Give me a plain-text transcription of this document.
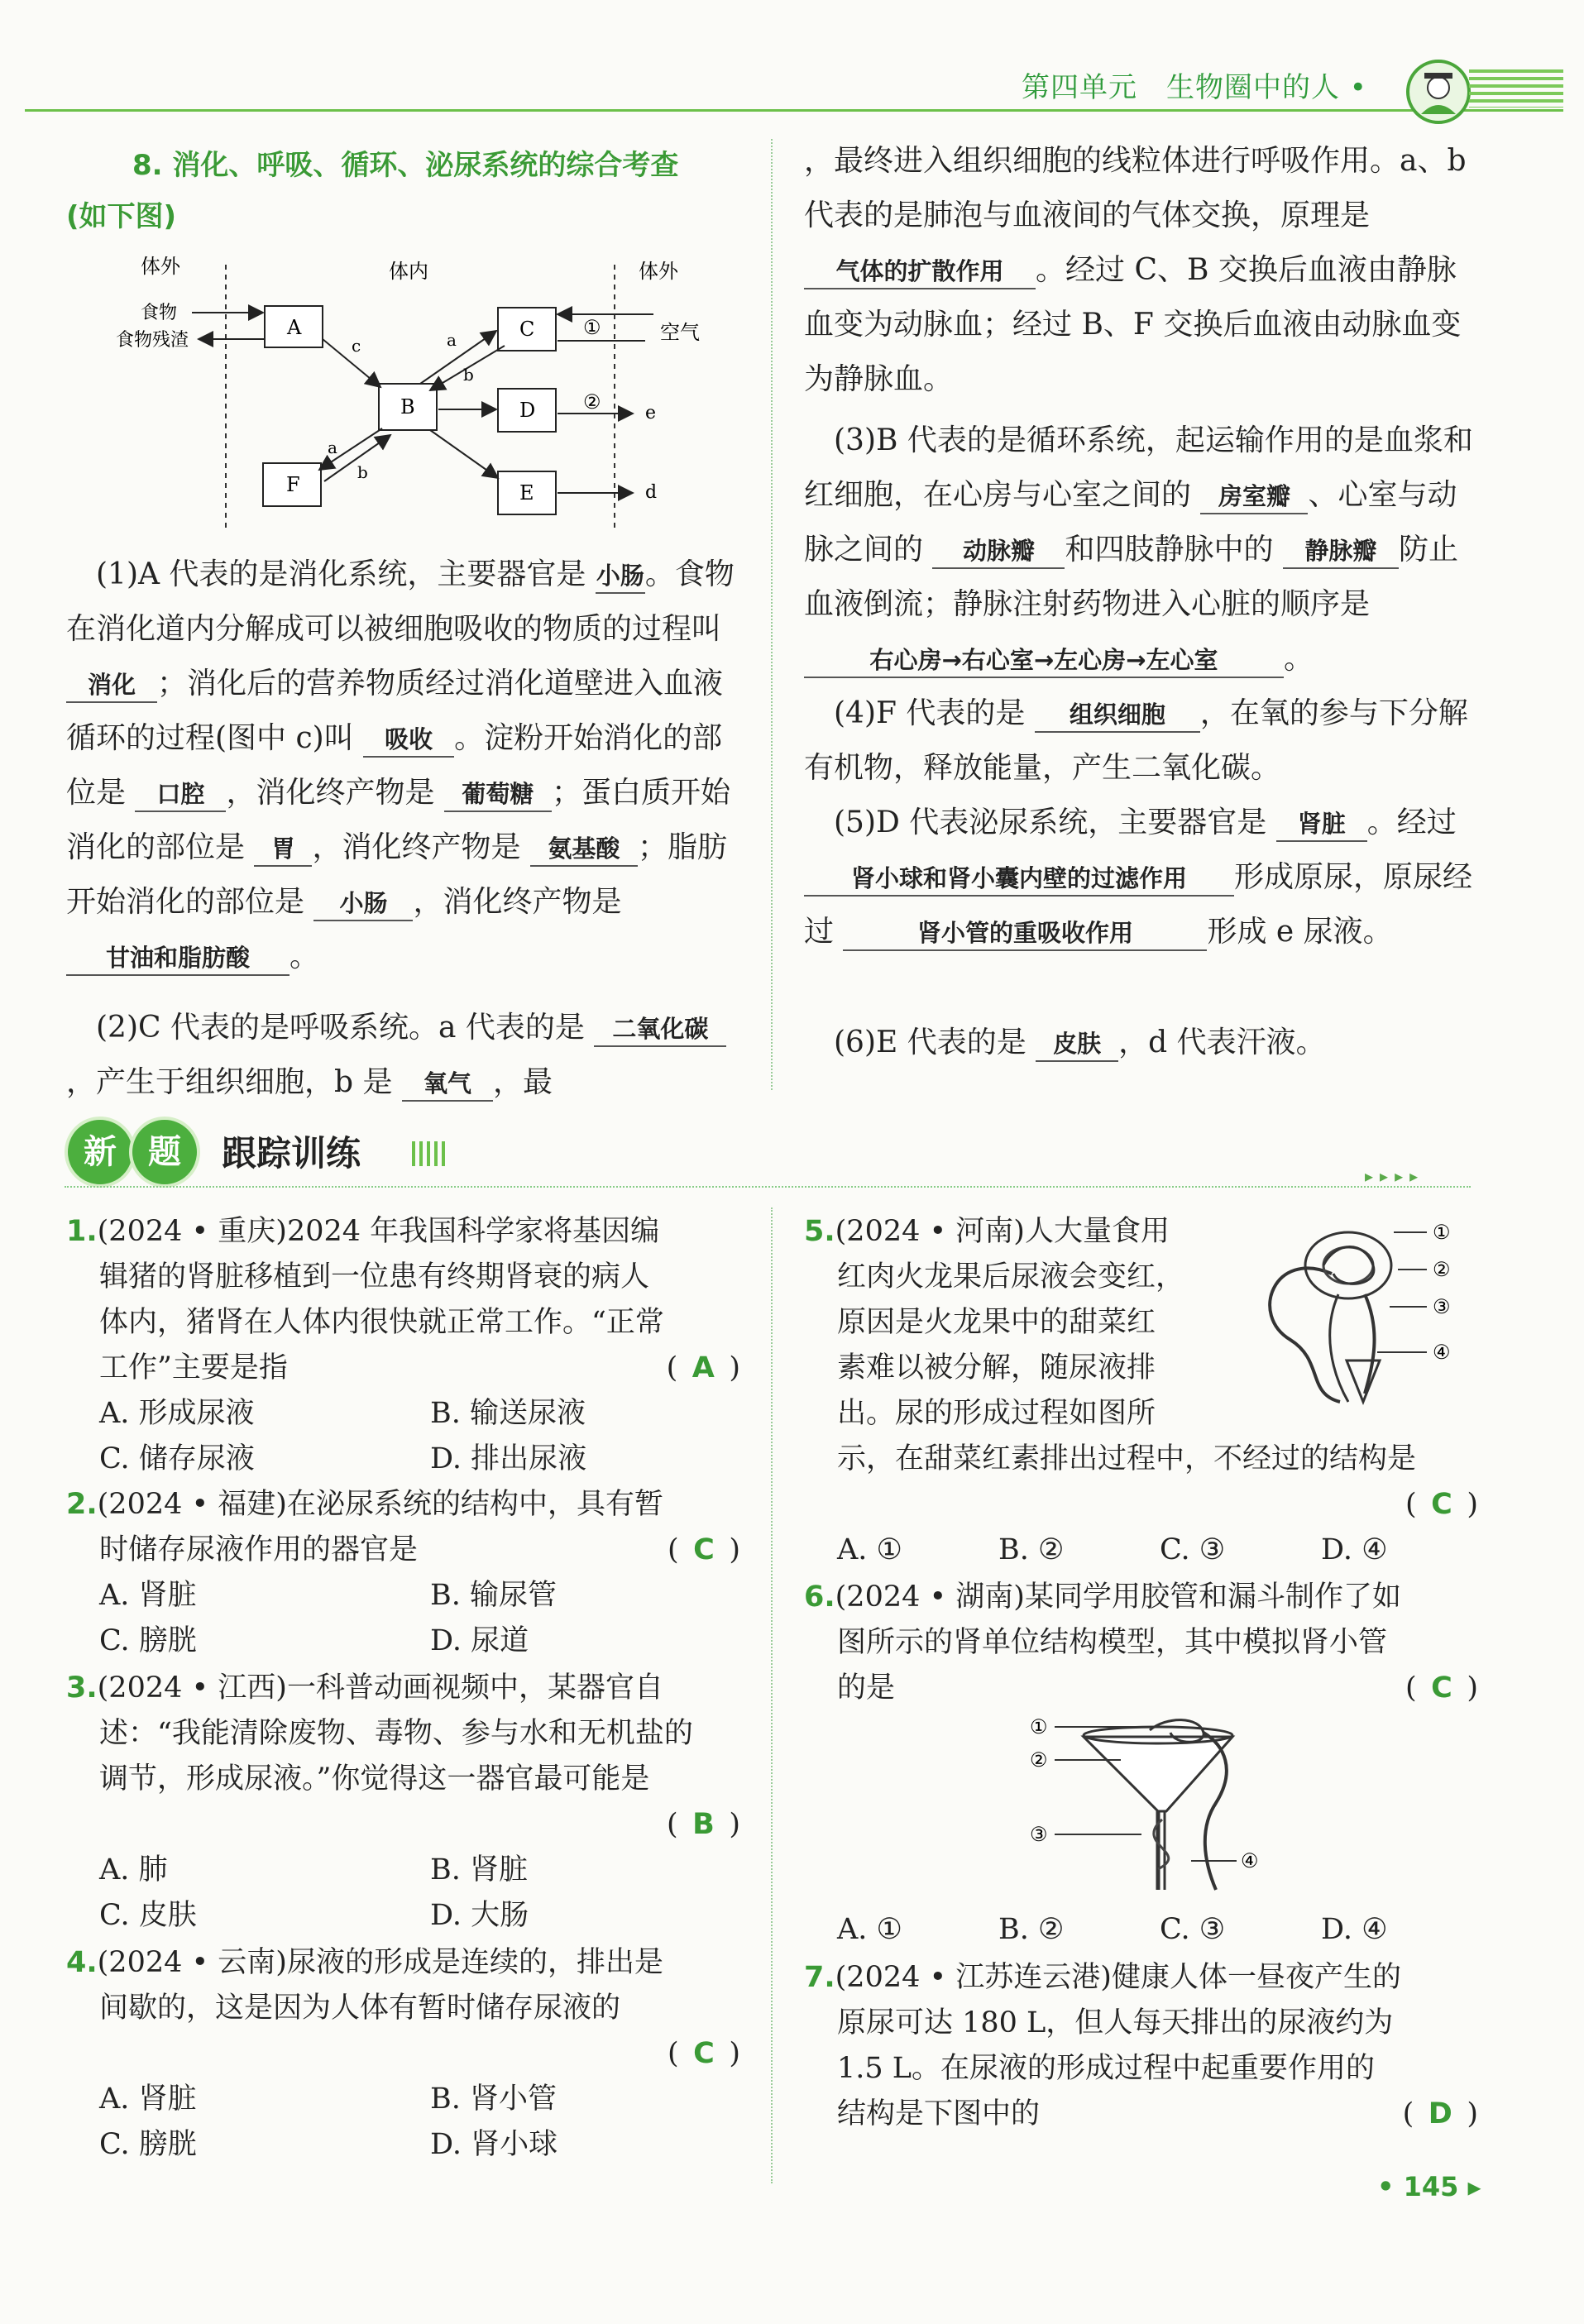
第四单元　生物圈中的人 •
8. 消化、呼吸、循环、泌尿系统的综合考查
(如下图)
体外	体内	体外
A
B
C
D
E
F
食物
食物残渣	c	a
b
a
b
①
②
空气
e
d
 (1)A 代表的是消化系统，主要器官是 小肠。食物在消化道内分解成可以被细胞吸收的物质的过程叫 消化 ；消化后的营养物质经过消化道壁进入血液循环的过程(图中 c)叫 吸收 。淀粉开始消化的部位是 口腔 ，消化终产物是 葡萄糖 ；蛋白质开始消化的部位是 胃 ，消化终产物是 氨基酸 ；脂肪开始消化的部位是 小肠 ，消化终产物是 甘油和脂肪酸 。
 (2)C 代表的是呼吸系统。a 代表的是 二氧化碳，产生于组织细胞，b 是 氧气 ，最
，最终进入组织细胞的线粒体进行呼吸作用。a、b 代表的是肺泡与血液间的气体交换，原理是 气体的扩散作用 。经过 C、B 交换后血液由静脉血变为动脉血；经过 B、F 交换后血液由动脉血变为静脉血。
 (3)B 代表的是循环系统，起运输作用的是血浆和红细胞，在心房与心室之间的 房室瓣 、心室与动脉之间的 动脉瓣 和四肢静脉中的 静脉瓣 防止血液倒流；静脉注射药物进入心脏的顺序是 右心房→右心室→左心房→左心室 。
 (4)F 代表的是 组织细胞 ，在氧的参与下分解有机物，释放能量，产生二氧化碳。
 (5)D 代表泌尿系统，主要器官是 肾脏 。经过 肾小球和肾小囊内壁的过滤作用 形成原尿，原尿经过	肾小管的重吸收作用 形成 e 尿液。
 (6)E 代表的是 皮肤 ，d 代表汗液。
新 题	跟踪训练
▸▸▸▸
1.(2024 • 重庆)2024 年我国科学家将基因编
辑猪的肾脏移植到一位患有终期肾衰的病人
体内，猪肾在人体内很快就正常工作。“正常
工作”主要是指	( A )
A. 形成尿液	B. 输送尿液
C. 储存尿液	D. 排出尿液
2.(2024 • 福建)在泌尿系统的结构中，具有暂
时储存尿液作用的器官是	( C )
A. 肾脏	B. 输尿管
C. 膀胱	D. 尿道
3.(2024 • 江西)一科普动画视频中，某器官自
述：“我能清除废物、毒物、参与水和无机盐的
调节，形成尿液。”你觉得这一器官最可能是
( B )
A. 肺	B. 肾脏
C. 皮肤	D. 大肠
4.(2024 • 云南)尿液的形成是连续的，排出是
间歇的，这是因为人体有暂时储存尿液的
( C )
A. 肾脏	B. 肾小管
C. 膀胱	D. 肾小球
5.(2024 • 河南)人大量食用
红肉火龙果后尿液会变红，
原因是火龙果中的甜菜红
素难以被分解，随尿液排
出。尿的形成过程如图所
示，在甜菜红素排出过程中，不经过的结构是
( C )
A. ①	B. ②	C. ③	D. ④
①
②
③
④
6.(2024 • 湖南)某同学用胶管和漏斗制作了如
图所示的肾单位结构模型，其中模拟肾小管
的是	( C )
①
②
③
④
A. ①	B. ②	C. ③	D. ④
7.(2024 • 江苏连云港)健康人体一昼夜产生的
原尿可达 180 L，但人每天排出的尿液约为
1.5 L。在尿液的形成过程中起重要作用的
结构是下图中的	( D )
• 145 ▸
